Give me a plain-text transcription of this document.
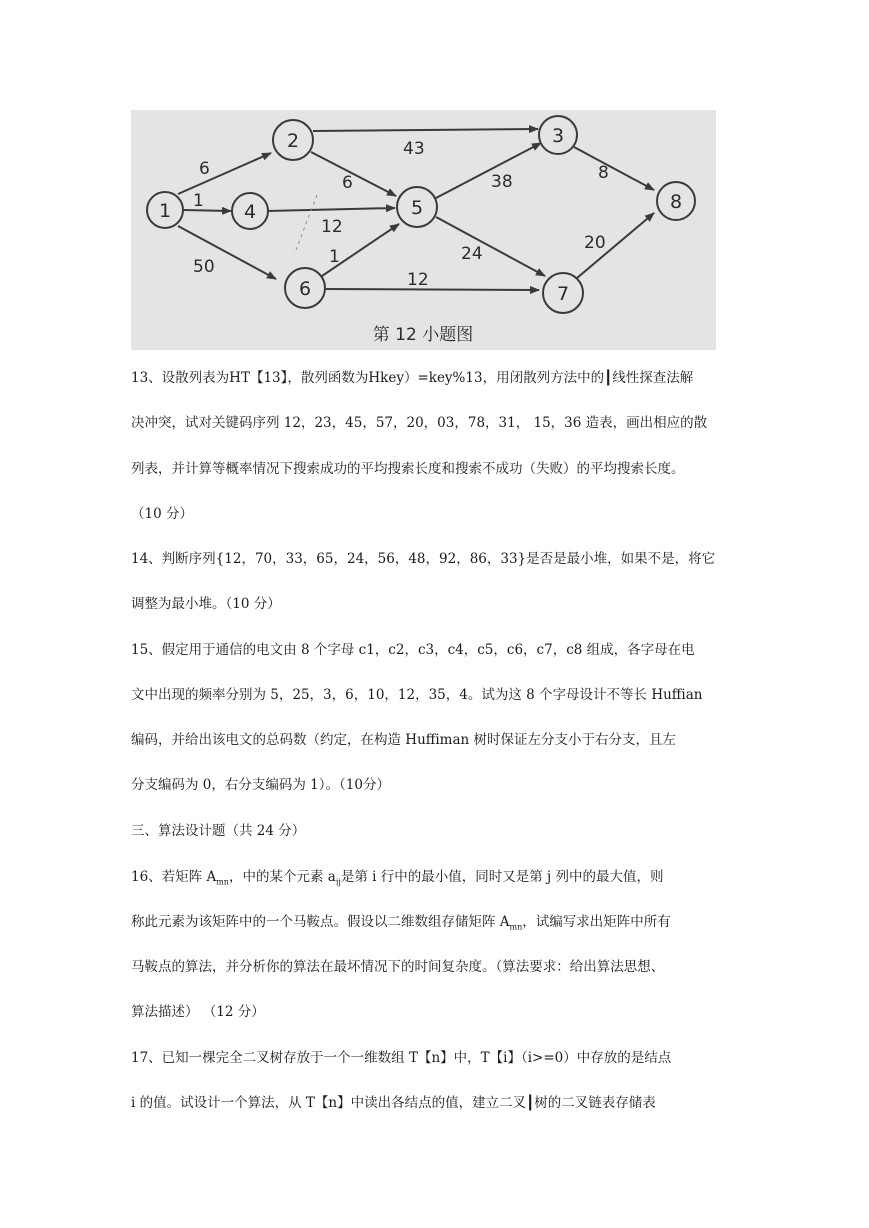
1
2	3
4	5
6	7
8
6
1
50
43
6
12
1
12
38
24
8
20
第 12 小题图
13、设散列表为HT【13】，散列函数为Hkey）=key%13，用闭散列方法中的┃线性探查法解
决冲突，试对关键码序列 12，23，45，57，20，03，78，31， 15，36 造表，画出相应的散
列表，并计算等概率情况下搜索成功的平均搜索长度和搜索不成功（失败）的平均搜索长度。
（10 分）
14、判断序列{12，70，33，65，24，56，48，92，86，33}是否是最小堆，如果不是，将它
调整为最小堆。（10 分）
15、假定用于通信的电文由 8 个字母 c1，c2，c3，c4，c5，c6，c7，c8 组成，各字母在电
文中出现的频率分别为 5，25，3，6，10，12，35，4。试为这 8 个字母设计不等长 Huffian
编码，并给出该电文的总码数（约定，在构造 Huffiman 树时保证左分支小于右分支，且左
分支编码为 0，右分支编码为 1）。（10分）
三、算法设计题（共 24 分）
16、若矩阵 $A_{mn}$，中的某个元素 $a_{ij}$是第 i 行中的最小值，同时又是第 j 列中的最大值，则
称此元素为该矩阵中的一个马鞍点。假设以二维数组存储矩阵 $A_{mn}$，试编写求出矩阵中所有
马鞍点的算法，并分析你的算法在最坏情况下的时间复杂度。（算法要求：给出算法思想、
算法描述） （12 分）
17、已知一棵完全二叉树存放于一个一维数组 T【n】中，T【i】（i>=0）中存放的是结点
i 的值。试设计一个算法，从 T【n】中读出各结点的值，建立二叉┃树的二叉链表存储表
